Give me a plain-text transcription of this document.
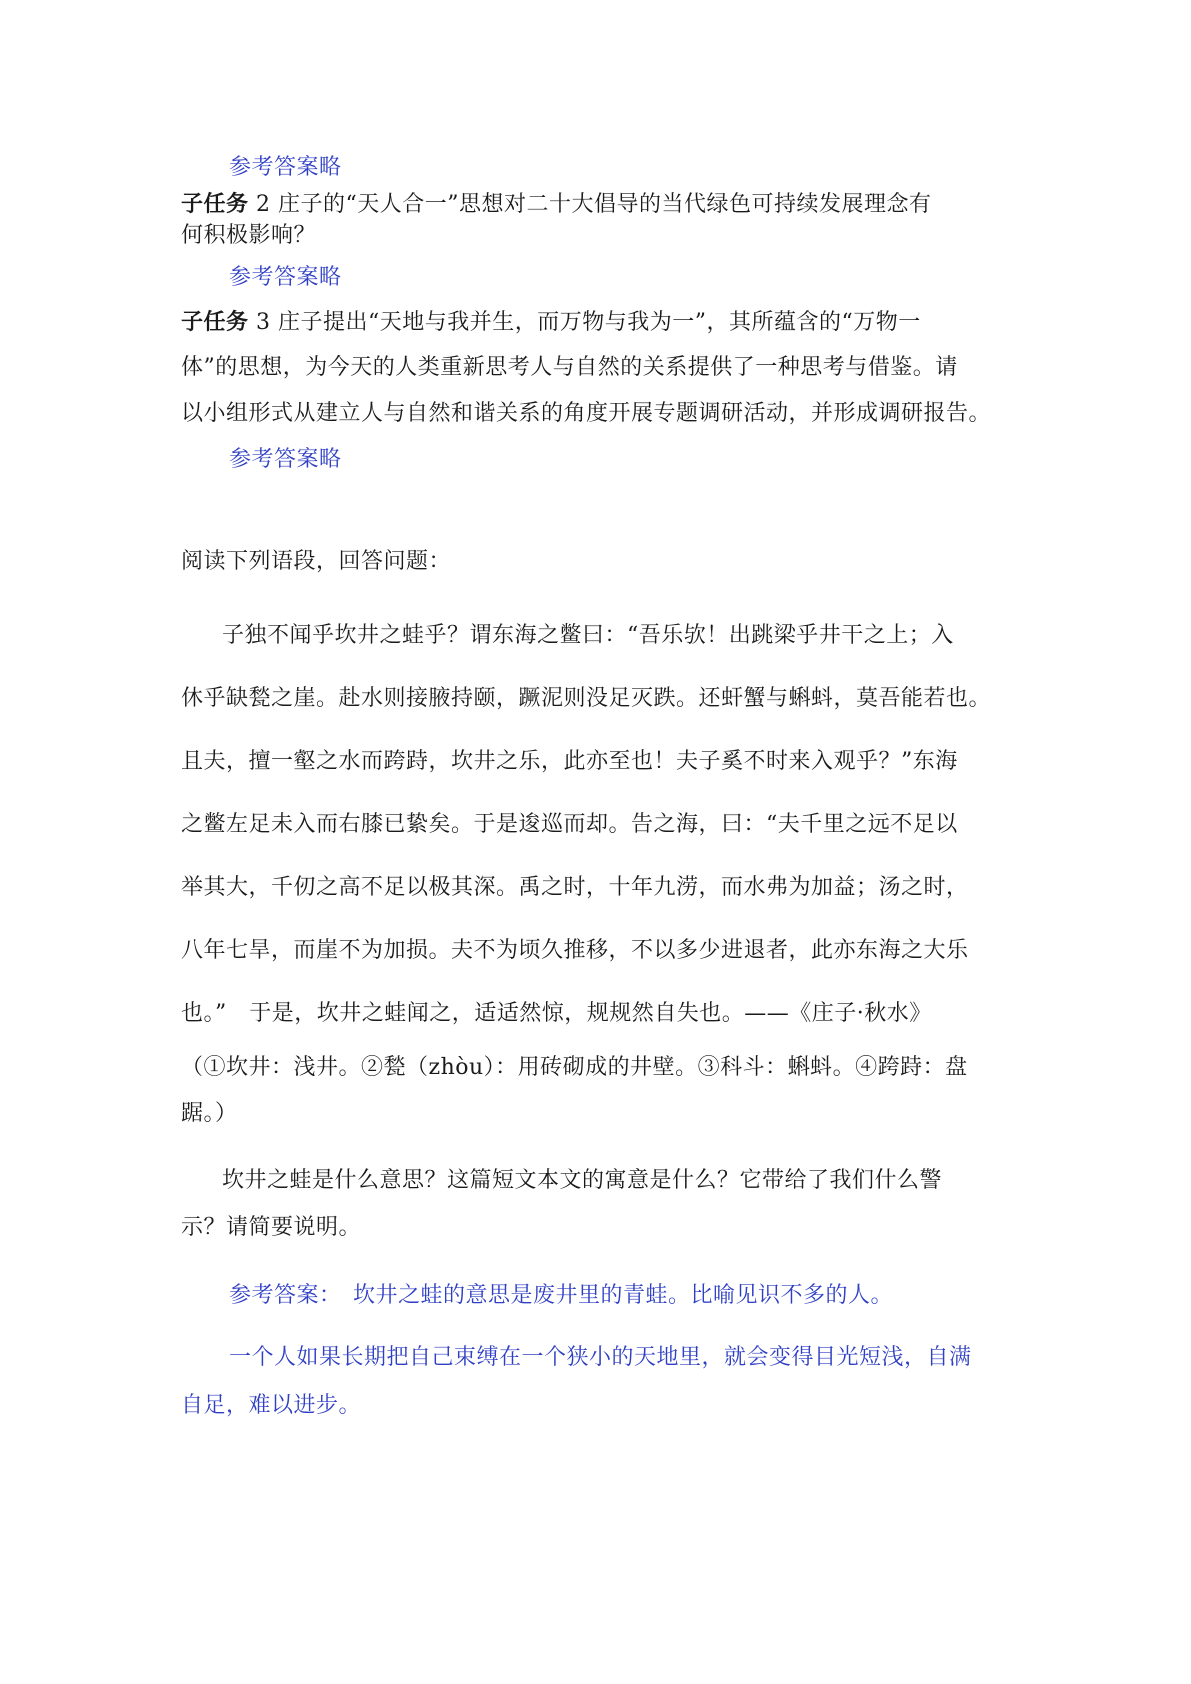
参考答案略
子任务 2 庄子的“天人合一”思想对二十大倡导的当代绿色可持续发展理念有
何积极影响？
参考答案略
子任务 3 庄子提出“天地与我并生，而万物与我为一”，其所蕴含的“万物一
体”的思想，为今天的人类重新思考人与自然的关系提供了一种思考与借鉴。请
以小组形式从建立人与自然和谐关系的角度开展专题调研活动，并形成调研报告。
参考答案略
阅读下列语段，回答问题：
子独不闻乎坎井之蛙乎？谓东海之鳖曰：“吾乐欤！出跳梁乎井干之上；入
休乎缺甃之崖。赴水则接腋持颐，蹶泥则没足灭跌。还虷蟹与蝌蚪，莫吾能若也。
且夫，擅一壑之水而跨跱，坎井之乐，此亦至也！夫子奚不时来入观乎？”东海
之鳖左足未入而右膝已絷矣。于是逡巡而却。告之海，曰：“夫千里之远不足以
举其大，千仞之高不足以极其深。禹之时，十年九涝，而水弗为加益；汤之时，
八年七旱，而崖不为加损。夫不为顷久推移，不以多少进退者，此亦东海之大乐
也。”　于是，坎井之蛙闻之，适适然惊，规规然自失也。——《庄子·秋水》
（①坎井：浅井。②甃（zhòu）：用砖砌成的井壁。③科斗：蝌蚪。④跨跱：盘
踞。）
坎井之蛙是什么意思？这篇短文本文的寓意是什么？它带给了我们什么警
示？请简要说明。
参考答案：　 坎井之蛙的意思是废井里的青蛙。比喻见识不多的人。
一个人如果长期把自己束缚在一个狭小的天地里，就会变得目光短浅，自满
自足，难以进步。
